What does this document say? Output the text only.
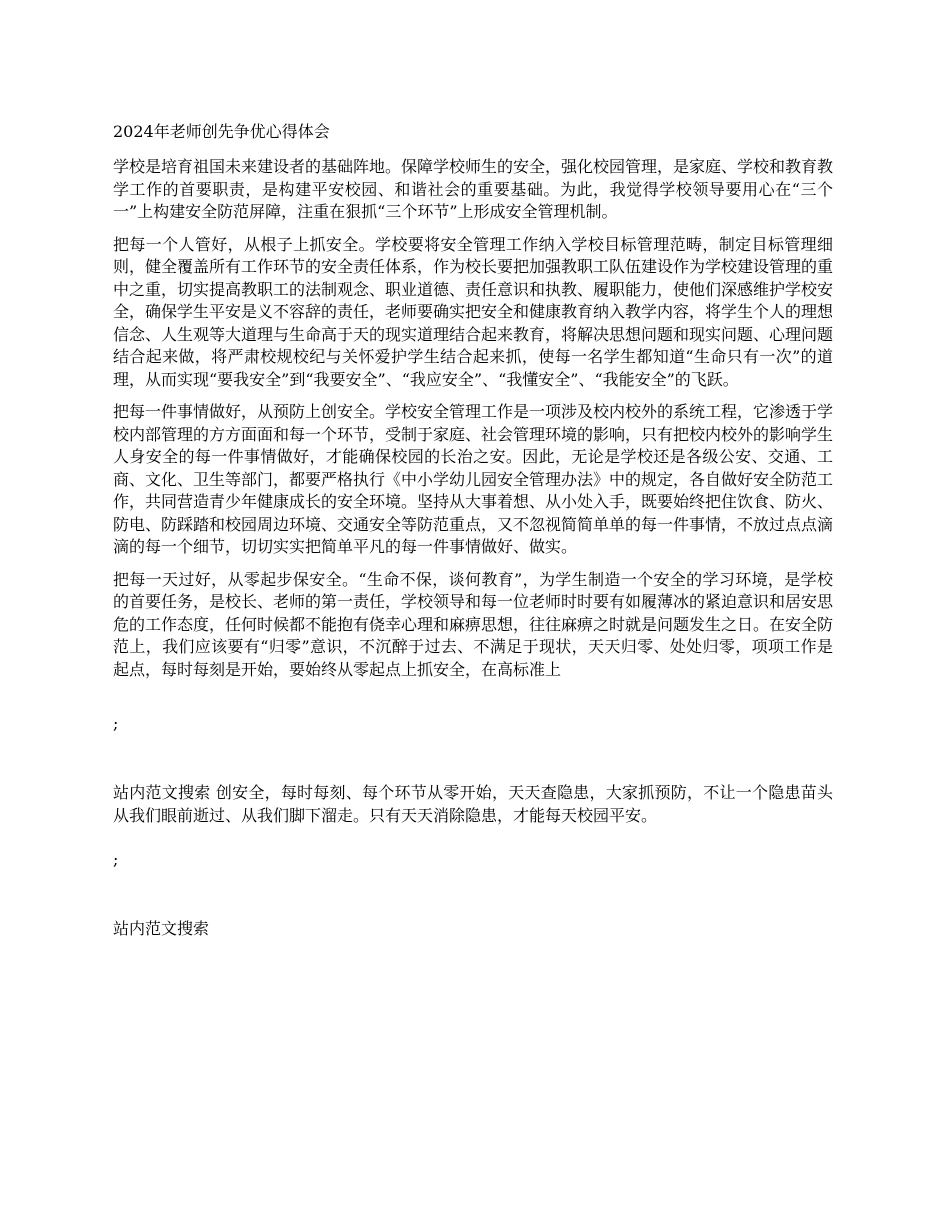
2024年老师创先争优心得体会

学校是培育祖国未来建设者的基础阵地。保障学校师生的安全，强化校园管理，是家庭、学校和教育教学工作的首要职责，是构建平安校园、和谐社会的重要基础。为此，我觉得学校领导要用心在“三个一”上构建安全防范屏障，注重在狠抓“三个环节”上形成安全管理机制。

把每一个人管好，从根子上抓安全。学校要将安全管理工作纳入学校目标管理范畴，制定目标管理细则，健全覆盖所有工作环节的安全责任体系，作为校长要把加强教职工队伍建设作为学校建设管理的重中之重，切实提高教职工的法制观念、职业道德、责任意识和执教、履职能力，使他们深感维护学校安全，确保学生平安是义不容辞的责任，老师要确实把安全和健康教育纳入教学内容，将学生个人的理想信念、人生观等大道理与生命高于天的现实道理结合起来教育，将解决思想问题和现实问题、心理问题结合起来做，将严肃校规校纪与关怀爱护学生结合起来抓，使每一名学生都知道“生命只有一次”的道理，从而实现“要我安全”到“我要安全”、“我应安全”、“我懂安全”、“我能安全”的飞跃。

把每一件事情做好，从预防上创安全。学校安全管理工作是一项涉及校内校外的系统工程，它渗透于学校内部管理的方方面面和每一个环节，受制于家庭、社会管理环境的影响，只有把校内校外的影响学生人身安全的每一件事情做好，才能确保校园的长治之安。因此，无论是学校还是各级公安、交通、工商、文化、卫生等部门，都要严格执行《中小学幼儿园安全管理办法》中的规定，各自做好安全防范工作，共同营造青少年健康成长的安全环境。坚持从大事着想、从小处入手，既要始终把住饮食、防火、防电、防踩踏和校园周边环境、交通安全等防范重点，又不忽视简简单单的每一件事情，不放过点点滴滴的每一个细节，切切实实把简单平凡的每一件事情做好、做实。

把每一天过好，从零起步保安全。“生命不保，谈何教育”，为学生制造一个安全的学习环境，是学校的首要任务，是校长、老师的第一责任，学校领导和每一位老师时时要有如履薄冰的紧迫意识和居安思危的工作态度，任何时候都不能抱有侥幸心理和麻痹思想，往往麻痹之时就是问题发生之日。在安全防范上，我们应该要有“归零”意识，不沉醉于过去、不满足于现状，天天归零、处处归零，项项工作是起点，每时每刻是开始，要始终从零起点上抓安全，在高标准上

;

站内范文搜索 创安全，每时每刻、每个环节从零开始，天天查隐患，大家抓预防，不让一个隐患苗头从我们眼前逝过、从我们脚下溜走。只有天天消除隐患，才能每天校园平安。

;

站内范文搜索
